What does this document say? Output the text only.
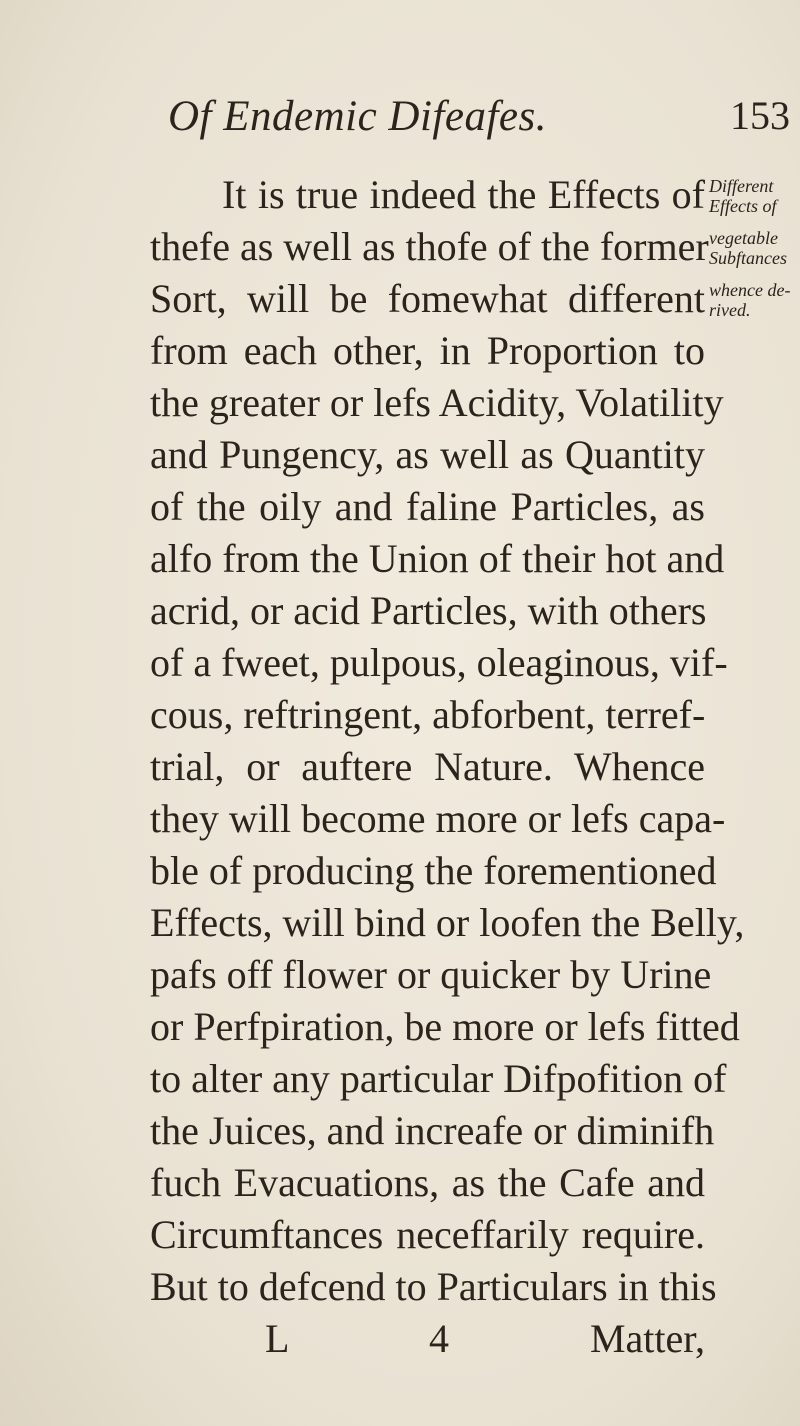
Of Endemic Difeafes.	153
It is true indeed the Effects of
thefe as well as thofe of the former
Sort, will be fomewhat different
from each other, in Proportion to
the greater or lefs Acidity, Volatility
and Pungency, as well as Quantity
of the oily and faline Particles, as
alfo from the Union of their hot and
acrid, or acid Particles, with others
of a fweet, pulpous, oleaginous, vif-
cous, reftringent, abforbent, terref-
trial, or auftere Nature. Whence
they will become more or lefs capa-
ble of producing the forementioned
Effects, will bind or loofen the Belly,
pafs off flower or quicker by Urine
or Perfpiration, be more or lefs fitted
to alter any particular Difpofition of
the Juices, and increafe or diminifh
fuch Evacuations, as the Cafe and
Circumftances neceffarily require.
But to defcend to Particulars in this
L 4	Matter,
Different
Effects of
vegetable
Subftances
whence de-
rived.
